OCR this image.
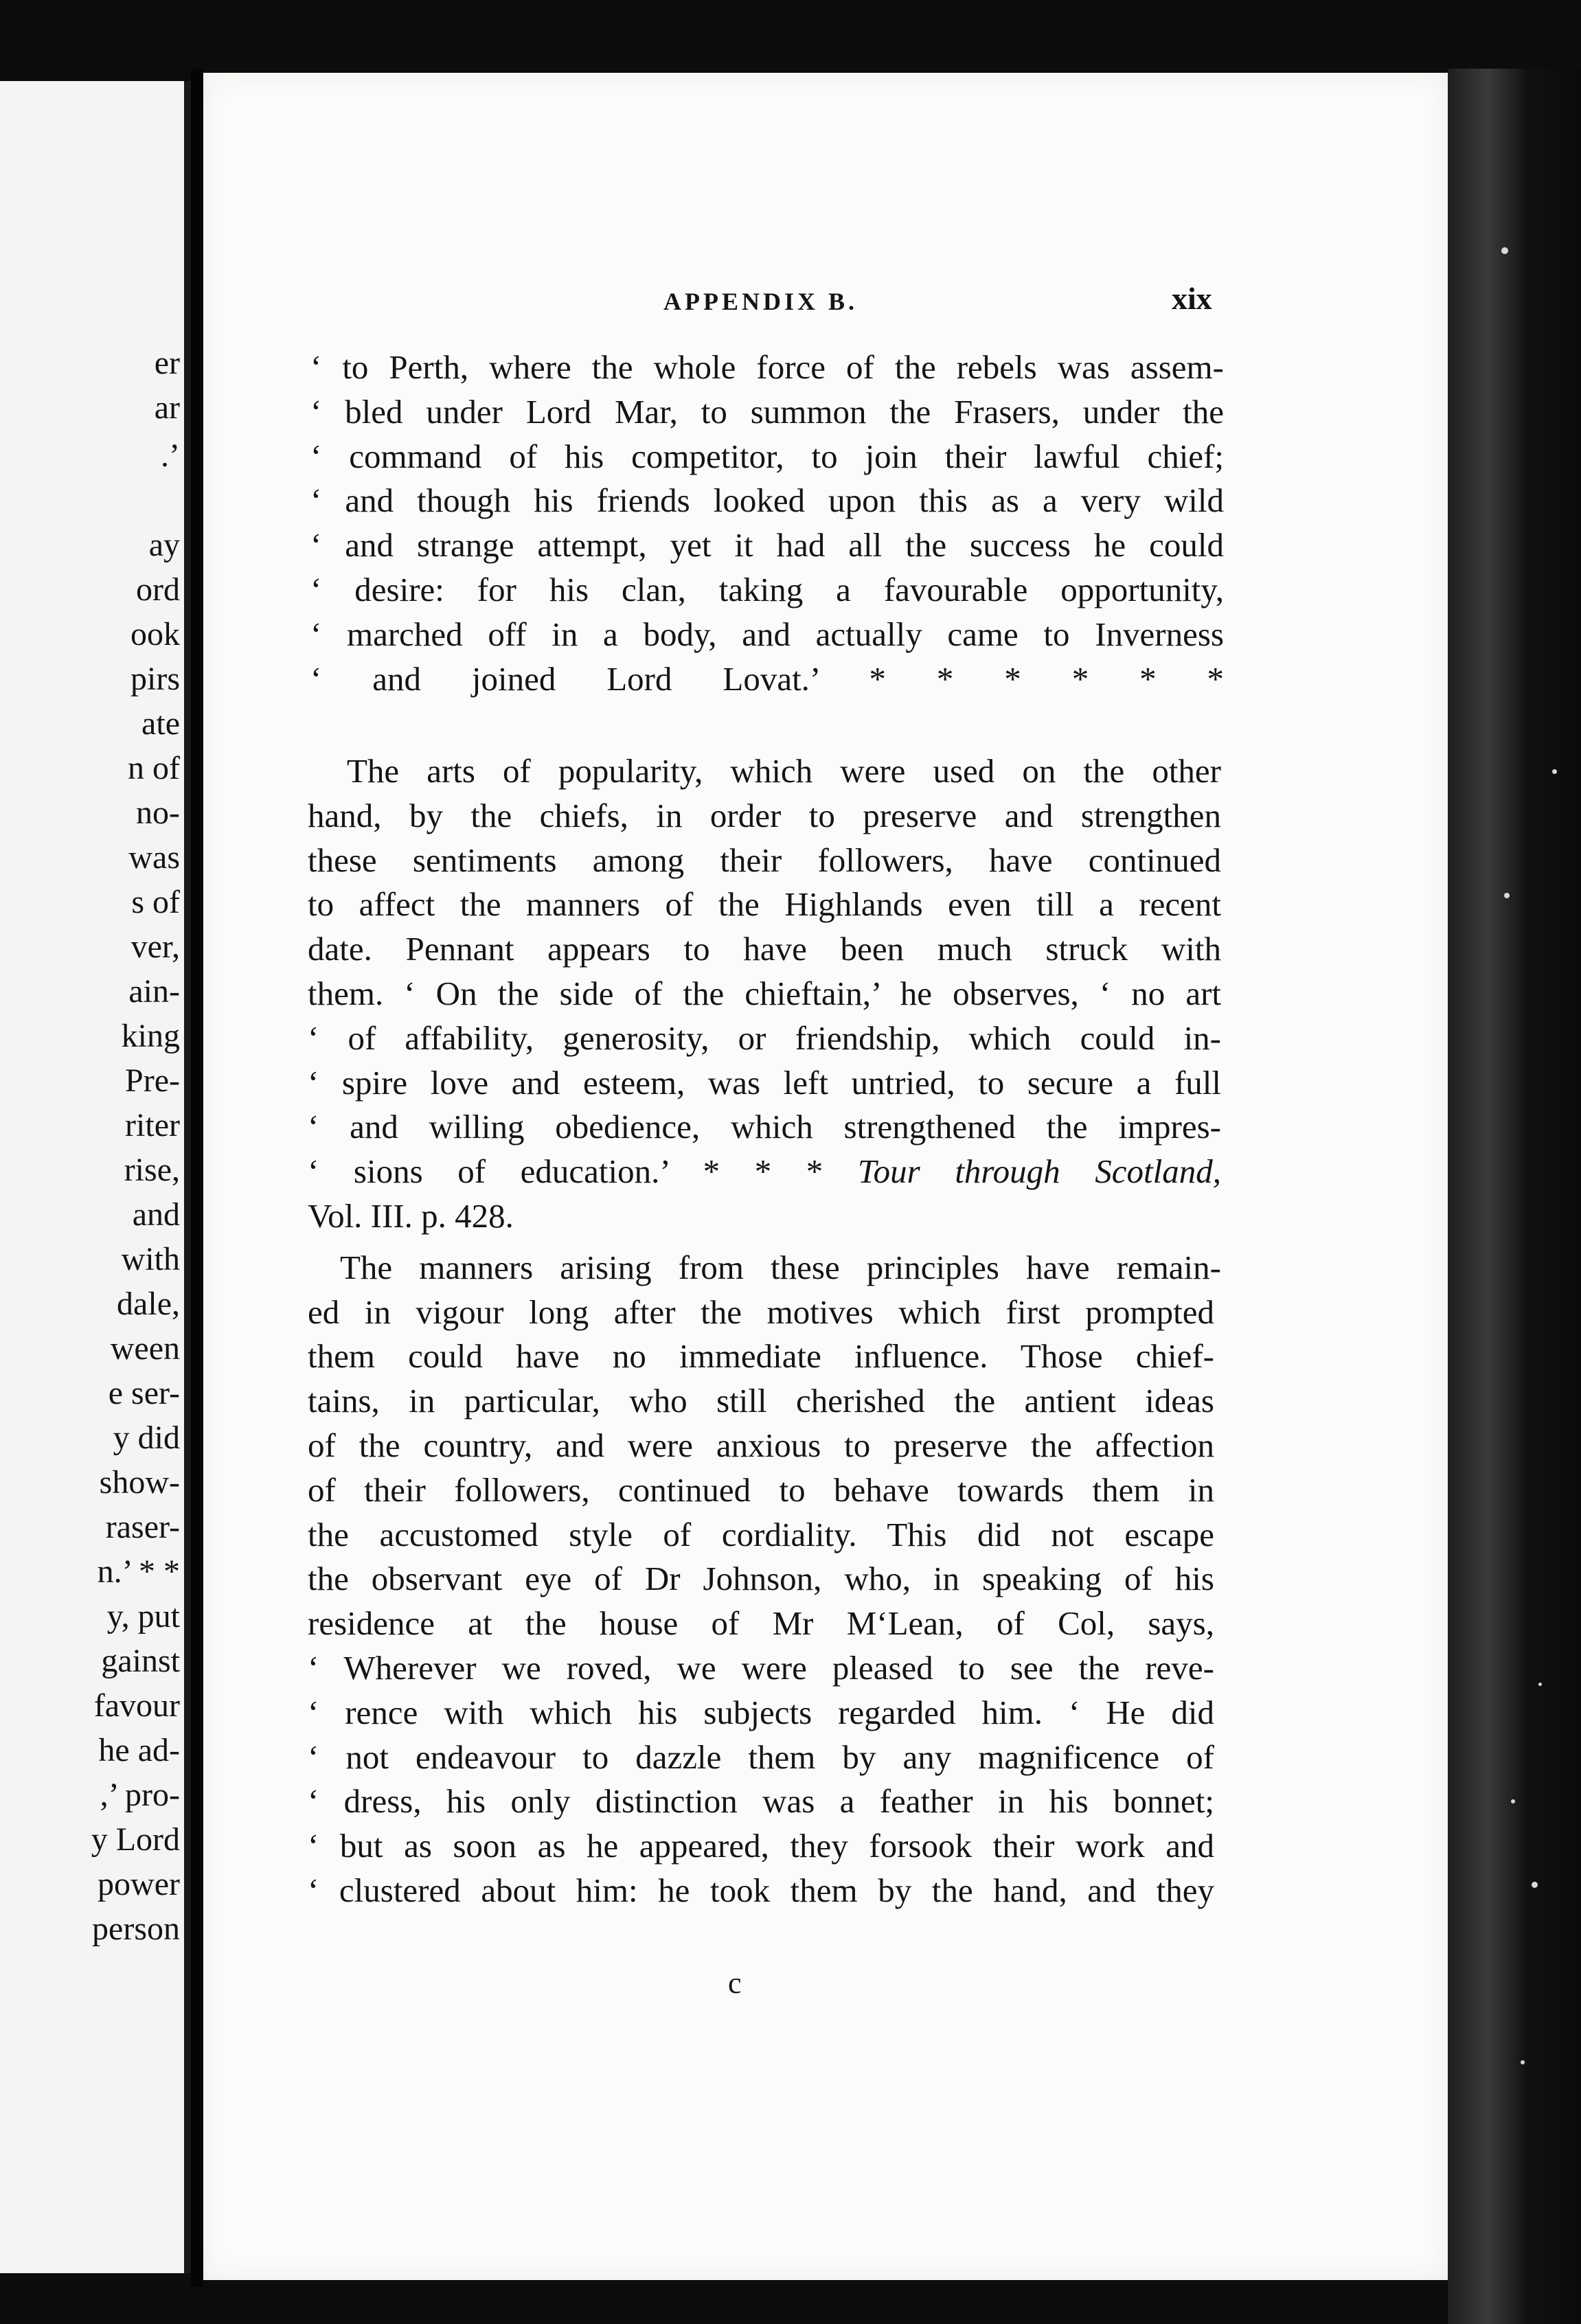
er
ar
.’
ay
ord
ook
pirs
ate
n of
no-
was
s of
ver,
ain-
king
Pre-
riter
rise,
and
with
dale,
ween
e ser-
y did
show-
raser-
n.’ * *
y, put
gainst
favour
he ad-
,’ pro-
y Lord
power
person
APPENDIX B.	xix
c
‘ to Perth, where the whole force of the rebels was assem-
‘ bled under Lord Mar, to summon the Frasers, under the
‘ command of his competitor, to join their lawful chief;
‘ and though his friends looked upon this as a very wild
‘ and strange attempt, yet it had all the success he could
‘ desire: for his clan, taking a favourable opportunity,
‘ marched off in a body, and actually came to Inverness
‘ and joined Lord Lovat.’ * * * * * *
The arts of popularity, which were used on the other
hand, by the chiefs, in order to preserve and strengthen
these sentiments among their followers, have continued
to affect the manners of the Highlands even till a recent
date. Pennant appears to have been much struck with
them. ‘ On the side of the chieftain,’ he observes, ‘ no art
‘ of affability, generosity, or friendship, which could in-
‘ spire love and esteem, was left untried, to secure a full
‘ and willing obedience, which strengthened the impres-
‘ sions of education.’ * * * Tour through Scotland,
Vol. III. p. 428.
The manners arising from these principles have remain-
ed in vigour long after the motives which first prompted
them could have no immediate influence. Those chief-
tains, in particular, who still cherished the antient ideas
of the country, and were anxious to preserve the affection
of their followers, continued to behave towards them in
the accustomed style of cordiality. This did not escape
the observant eye of Dr Johnson, who, in speaking of his
residence at the house of Mr M‘Lean, of Col, says,
‘ Wherever we roved, we were pleased to see the reve-
‘ rence with which his subjects regarded him. ‘ He did
‘ not endeavour to dazzle them by any magnificence of
‘ dress, his only distinction was a feather in his bonnet;
‘ but as soon as he appeared, they forsook their work and
‘ clustered about him: he took them by the hand, and they
